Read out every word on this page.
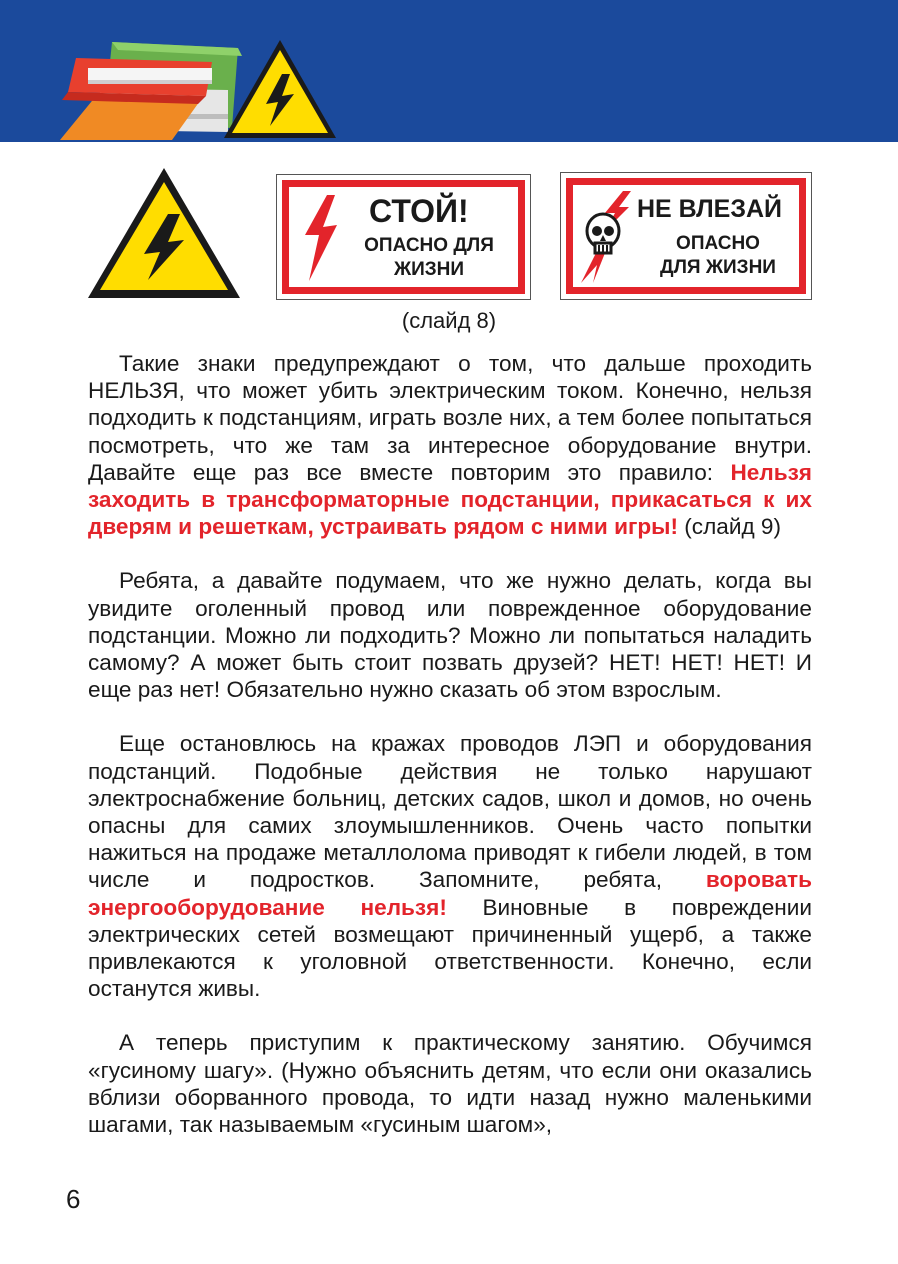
СТОЙ!
ОПАСНО ДЛЯ
ЖИЗНИ
НЕ ВЛЕЗАЙ
ОПАСНО
ДЛЯ ЖИЗНИ
(слайд 8)

Такие знаки предупреждают о том, что дальше проходить НЕЛЬЗЯ, что может убить электрическим током. Конечно, нельзя подходить к подстанциям, играть возле них, а тем более попытаться посмотреть, что же там за интересное оборудование внутри. Давайте еще раз все вместе повторим это правило: Нельзя заходить в трансформаторные подстанции, прикасаться к их дверям и решеткам, устраивать рядом с ними игры! (слайд 9)

Ребята, а давайте подумаем, что же нужно делать, когда вы увидите оголенный провод или поврежденное оборудование подстанции. Можно ли подходить? Можно ли попытаться наладить самому? А может быть стоит позвать друзей? НЕТ! НЕТ! НЕТ! И еще раз нет! Обязательно нужно сказать об этом взрослым.

Еще остановлюсь на кражах проводов ЛЭП и оборудования подстанций. Подобные действия не только нарушают электроснабжение больниц, детских садов, школ и домов, но очень опасны для самих злоумышленников. Очень часто попытки нажиться на продаже металлолома приводят к гибели людей, в том числе и подростков. Запомните, ребята, воровать энергооборудование нельзя! Виновные в повреждении электрических сетей возмещают причиненный ущерб, а также привлекаются к уголовной ответственности. Конечно, если останутся живы.

А теперь приступим к практическому занятию. Обучимся «гусиному шагу». (Нужно объяснить детям, что если они оказались вблизи оборванного провода, то идти назад нужно маленькими шагами, так называемым «гусиным шагом»,

6
